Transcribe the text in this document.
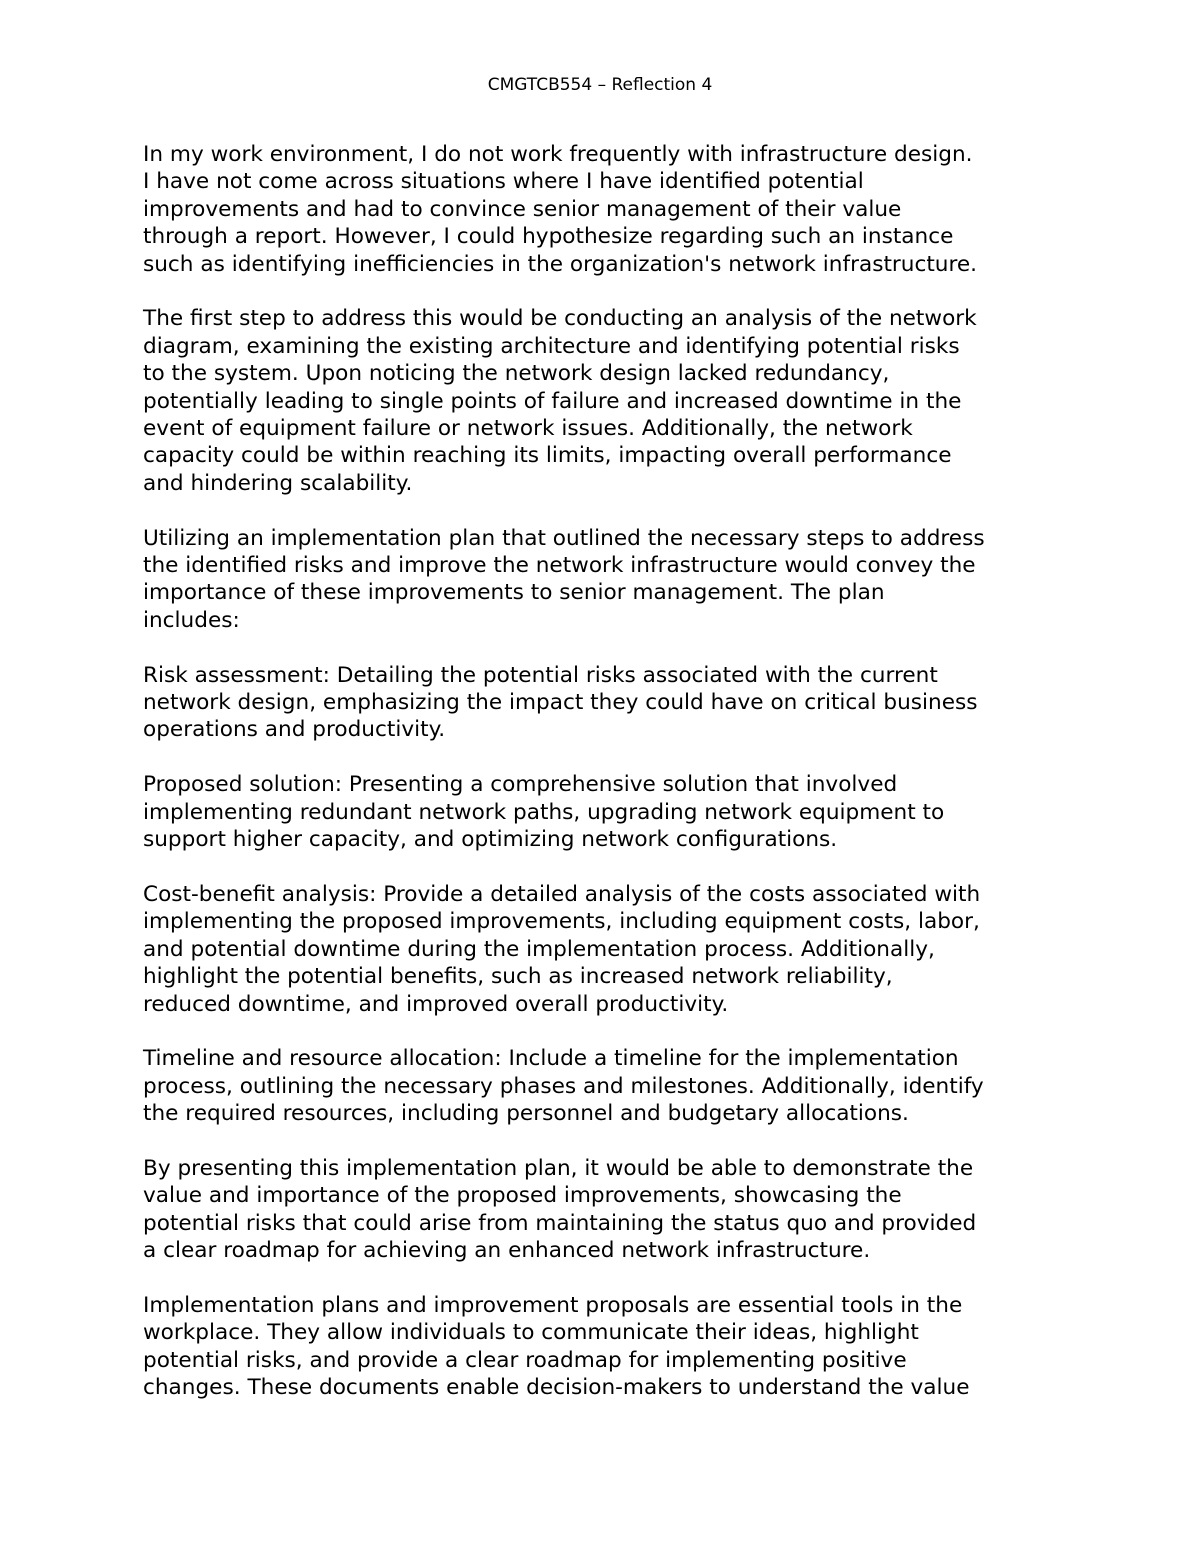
CMGTCB554 – Reflection 4
In my work environment, I do not work frequently with infrastructure design.
I have not come across situations where I have identified potential
improvements and had to convince senior management of their value
through a report. However, I could hypothesize regarding such an instance
such as identifying inefficiencies in the organization's network infrastructure.
The first step to address this would be conducting an analysis of the network
diagram, examining the existing architecture and identifying potential risks
to the system. Upon noticing the network design lacked redundancy,
potentially leading to single points of failure and increased downtime in the
event of equipment failure or network issues. Additionally, the network
capacity could be within reaching its limits, impacting overall performance
and hindering scalability.
Utilizing an implementation plan that outlined the necessary steps to address
the identified risks and improve the network infrastructure would convey the
importance of these improvements to senior management. The plan
includes:
Risk assessment: Detailing the potential risks associated with the current
network design, emphasizing the impact they could have on critical business
operations and productivity.
Proposed solution: Presenting a comprehensive solution that involved
implementing redundant network paths, upgrading network equipment to
support higher capacity, and optimizing network configurations.
Cost-benefit analysis: Provide a detailed analysis of the costs associated with
implementing the proposed improvements, including equipment costs, labor,
and potential downtime during the implementation process. Additionally,
highlight the potential benefits, such as increased network reliability,
reduced downtime, and improved overall productivity.
Timeline and resource allocation: Include a timeline for the implementation
process, outlining the necessary phases and milestones. Additionally, identify
the required resources, including personnel and budgetary allocations.
By presenting this implementation plan, it would be able to demonstrate the
value and importance of the proposed improvements, showcasing the
potential risks that could arise from maintaining the status quo and provided
a clear roadmap for achieving an enhanced network infrastructure.
Implementation plans and improvement proposals are essential tools in the
workplace. They allow individuals to communicate their ideas, highlight
potential risks, and provide a clear roadmap for implementing positive
changes. These documents enable decision-makers to understand the value
